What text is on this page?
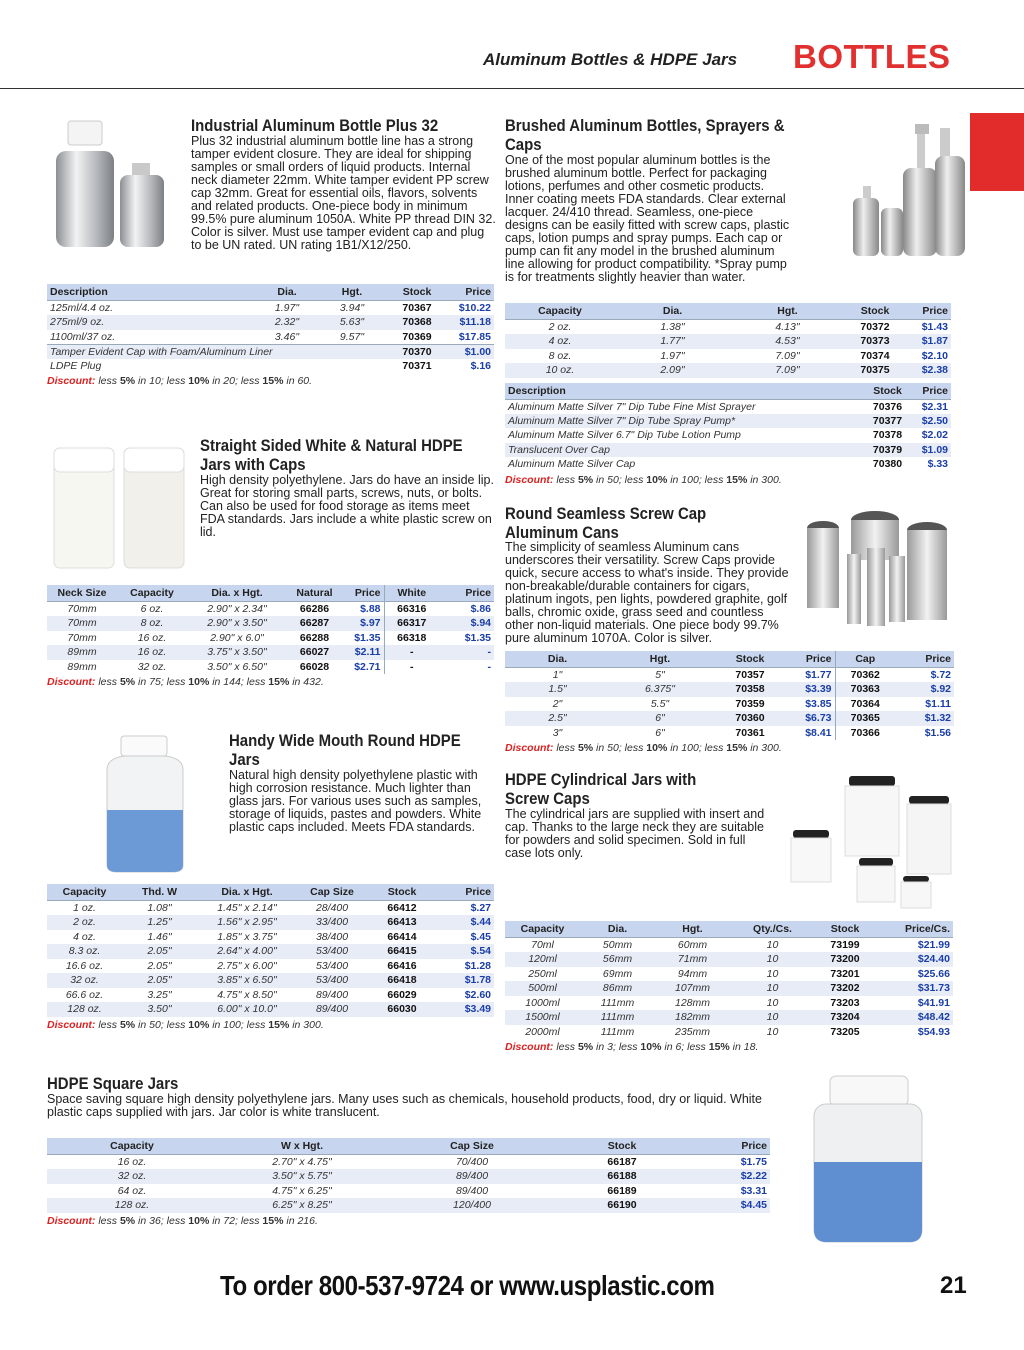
Aluminum Bottles & HDPE Jars BOTTLES
Industrial Aluminum Bottle Plus 32
Plus 32 industrial aluminum bottle line has a strong tamper evident closure. They are ideal for shipping samples or small orders of liquid products. Internal neck diameter 22mm. White tamper evident PP screw cap 32mm. Great for essential oils, flavors, solvents and related products. One-piece body in minimum 99.5% pure aluminum 1050A. White PP thread DIN 32. Color is silver. Must use tamper evident cap and plug to be UN rated. UN rating 1B1/X12/250.
Description	Dia.	Hgt.	Stock	Price
125ml/4.4 oz.	1.97"	3.94"	70367	$10.22
275ml/9 oz.	2.32"	5.63"	70368	$11.18
1100ml/37 oz.	3.46"	9.57"	70369	$17.85
Tamper Evident Cap with Foam/Aluminum Liner			70370	$1.00
LDPE Plug			70371	$.16
Discount: less 5% in 10; less 10% in 20; less 15% in 60.
Brushed Aluminum Bottles, Sprayers & Caps
One of the most popular aluminum bottles is the brushed aluminum bottle. Perfect for packaging lotions, perfumes and other cosmetic products. Inner coating meets FDA standards. Clear external lacquer. 24/410 thread. Seamless, one-piece designs can be easily fitted with screw caps, plastic caps, lotion pumps and spray pumps. Each cap or pump can fit any model in the brushed aluminum line allowing for product compatibility. *Spray pump is for treatments slightly heavier than water.
Capacity	Dia.	Hgt.	Stock	Price
2 oz.	1.38"	4.13"	70372	$1.43
4 oz.	1.77"	4.53"	70373	$1.87
8 oz.	1.97"	7.09"	70374	$2.10
10 oz.	2.09"	7.09"	70375	$2.38
Description	Stock	Price
Aluminum Matte Silver 7" Dip Tube Fine Mist Sprayer	70376	$2.31
Aluminum Matte Silver 7" Dip Tube Spray Pump*	70377	$2.50
Aluminum Matte Silver 6.7" Dip Tube Lotion Pump	70378	$2.02
Translucent Over Cap	70379	$1.09
Aluminum Matte Silver Cap	70380	$.33
Discount: less 5% in 50; less 10% in 100; less 15% in 300.
Straight Sided White & Natural HDPE
Jars with Caps
High density polyethylene. Jars do have an inside lip. Great for storing small parts, screws, nuts, or bolts. Can also be used for food storage as items meet FDA standards. Jars include a white plastic screw on lid.
Neck Size	Capacity	Dia. x Hgt.	Natural	Price	White	Price
70mm	6 oz.	2.90" x 2.34"	66286	$.88	66316	$.86
70mm	8 oz.	2.90" x 3.50"	66287	$.97	66317	$.94
70mm	16 oz.	2.90" x 6.0"	66288	$1.35	66318	$1.35
89mm	16 oz.	3.75" x 3.50"	66027	$2.11	-	-
89mm	32 oz.	3.50" x 6.50"	66028	$2.71	-	-
Discount: less 5% in 75; less 10% in 144; less 15% in 432.
Round Seamless Screw Cap
Aluminum Cans
The simplicity of seamless Aluminum cans underscores their versatility. Screw Caps provide quick, secure access to what's inside. They provide non-breakable/durable containers for cigars, platinum ingots, pen lights, powdered graphite, golf balls, chromic oxide, grass seed and countless other non-liquid materials. One piece body 99.7% pure aluminum 1070A. Color is silver.
Dia.	Hgt.	Stock	Price	Cap	Price
1"	5"	70357	$1.77	70362	$.72
1.5"	6.375"	70358	$3.39	70363	$.92
2"	5.5"	70359	$3.85	70364	$1.11
2.5"	6"	70360	$6.73	70365	$1.32
3"	6"	70361	$8.41	70366	$1.56
Discount: less 5% in 50; less 10% in 100; less 15% in 300.
Handy Wide Mouth Round HDPE
Jars
Natural high density polyethylene plastic with high corrosion resistance. Much lighter than glass jars. For various uses such as samples, storage of liquids, pastes and powders. White plastic caps included. Meets FDA standards.
Capacity	Thd. W	Dia. x Hgt.	Cap Size	Stock	Price
1 oz.	1.08"	1.45" x 2.14"	28/400	66412	$.27
2 oz.	1.25"	1.56" x 2.95"	33/400	66413	$.44
4 oz.	1.46"	1.85" x 3.75"	38/400	66414	$.45
8.3 oz.	2.05"	2.64" x 4.00"	53/400	66415	$.54
16.6 oz.	2.05"	2.75" x 6.00"	53/400	66416	$1.28
32 oz.	2.05"	3.85" x 6.50"	53/400	66418	$1.78
66.6 oz.	3.25"	4.75" x 8.50"	89/400	66029	$2.60
128 oz.	3.50"	6.00" x 10.0"	89/400	66030	$3.49
Discount: less 5% in 50; less 10% in 100; less 15% in 300.
HDPE Cylindrical Jars with
Screw Caps
The cylindrical jars are supplied with insert and cap. Thanks to the large neck they are suitable for powders and solid specimen. Sold in full case lots only.
Capacity	Dia.	Hgt.	Qty./Cs.	Stock	Price/Cs.
70ml	50mm	60mm	10	73199	$21.99
120ml	56mm	71mm	10	73200	$24.40
250ml	69mm	94mm	10	73201	$25.66
500ml	86mm	107mm	10	73202	$31.73
1000ml	111mm	128mm	10	73203	$41.91
1500ml	111mm	182mm	10	73204	$48.42
2000ml	111mm	235mm	10	73205	$54.93
Discount: less 5% in 3; less 10% in 6; less 15% in 18.
HDPE Square Jars
Space saving square high density polyethylene jars. Many uses such as chemicals, household products, food, dry or liquid. White plastic caps supplied with jars. Jar color is white translucent.
Capacity	W x Hgt.	Cap Size	Stock	Price
16 oz.	2.70" x 4.75"	70/400	66187	$1.75
32 oz.	3.50" x 5.75"	89/400	66188	$2.22
64 oz.	4.75" x 6.25"	89/400	66189	$3.31
128 oz.	6.25" x 8.25"	120/400	66190	$4.45
Discount: less 5% in 36; less 10% in 72; less 15% in 216.
To order 800-537-9724 or www.usplastic.com	21
